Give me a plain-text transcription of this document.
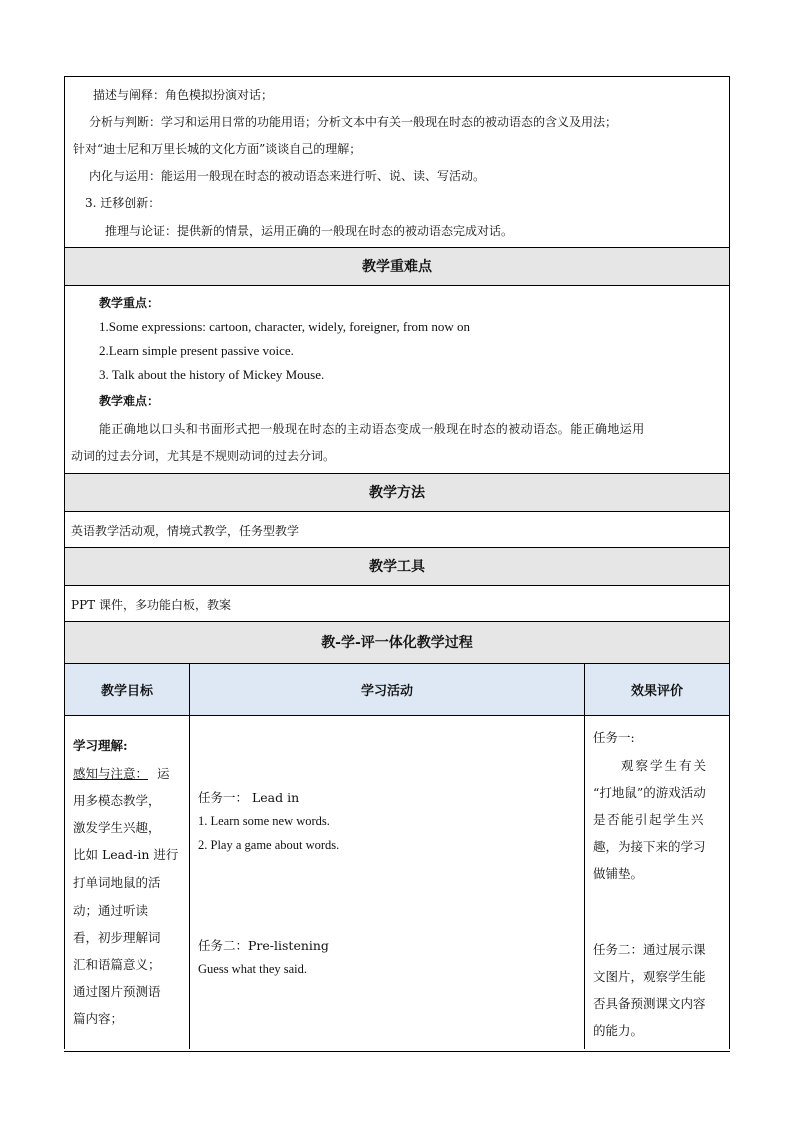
描述与阐释：角色模拟扮演对话；
分析与判断：学习和运用日常的功能用语；分析文本中有关一般现在时态的被动语态的含义及用法；
针对“迪士尼和万里长城的文化方面”谈谈自己的理解；
内化与运用：能运用一般现在时态的被动语态来进行听、说、读、写活动。
3. 迁移创新：
推理与论证：提供新的情景，运用正确的一般现在时态的被动语态完成对话。
教学重难点
教学重点：
1.Some expressions: cartoon, character, widely, foreigner, from now on
2.Learn simple present passive voice.
3. Talk about the history of Mickey Mouse.
教学难点：
能正确地以口头和书面形式把一般现在时态的主动语态变成一般现在时态的被动语态。能正确地运用
动词的过去分词，尤其是不规则动词的过去分词。
教学方法
英语教学活动观，情境式教学，任务型教学
教学工具
PPT 课件，多功能白板，教案
教-学-评一体化教学过程
教学目标	学习活动	效果评价
学习理解:
感知与注意： 运
用多模态教学，
激发学生兴趣，
比如 Lead-in 进行
打单词地鼠的活
动；通过听读
看，初步理解词
汇和语篇意义；
通过图片预测语
篇内容；
任务一： Lead in
1. Learn some new words.
2. Play a game about words.
任务二：Pre-listening
Guess what they said.
任务一:
观察学生有关
“打地鼠”的游戏活动
是否能引起学生兴
趣，为接下来的学习
做铺垫。
任务二：通过展示课
文图片，观察学生能
否具备预测课文内容
的能力。
